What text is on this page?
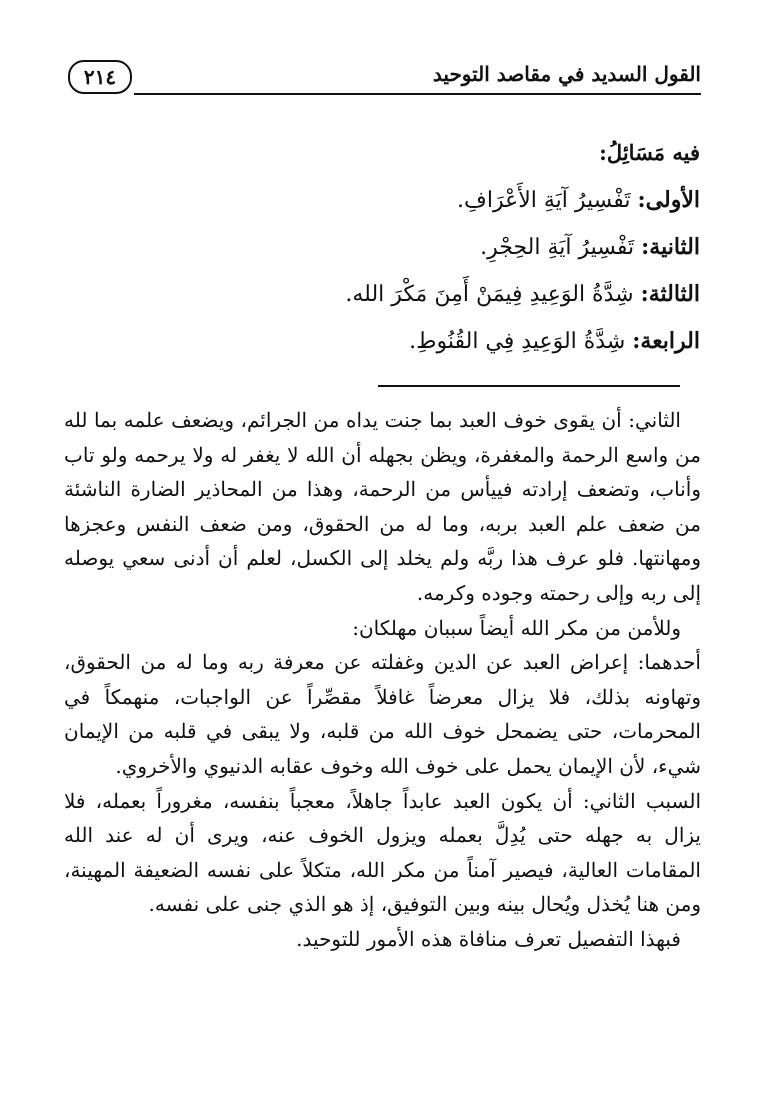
٢١٤	القول السديد في مقاصد التوحيد
فيه مَسَائِلُ:
الأولى: تَفْسِيرُ آيَةِ الأَعْرَافِ.
الثانية: تَفْسِيرُ آيَةِ الحِجْرِ.
الثالثة: شِدَّةُ الوَعِيدِ فِيمَنْ أَمِنَ مَكْرَ الله.
الرابعة: شِدَّةُ الوَعِيدِ فِي القُنُوطِ.

الثاني: أن يقوى خوف العبد بما جنت يداه من الجرائم، ويضعف علمه بما لله من واسع الرحمة والمغفرة، ويظن بجهله أن الله لا يغفر له ولا يرحمه ولو تاب وأناب، وتضعف إرادته فييأس من الرحمة، وهذا من المحاذير الضارة الناشئة من ضعف علم العبد بربه، وما له من الحقوق، ومن ضعف النفس وعجزها ومهانتها. فلو عرف هذا ربَّه ولم يخلد إلى الكسل، لعلم أن أدنى سعي يوصله إلى ربه وإلى رحمته وجوده وكرمه.

وللأمن من مكر الله أيضاً سببان مهلكان:

أحدهما: إعراض العبد عن الدين وغفلته عن معرفة ربه وما له من الحقوق، وتهاونه بذلك، فلا يزال معرضاً غافلاً مقصِّراً عن الواجبات، منهمكاً في المحرمات، حتى يضمحل خوف الله من قلبه، ولا يبقى في قلبه من الإيمان شيء، لأن الإيمان يحمل على خوف الله وخوف عقابه الدنيوي والأخروي.

السبب الثاني: أن يكون العبد عابداً جاهلاً، معجباً بنفسه، مغروراً بعمله، فلا يزال به جهله حتى يُدِلَّ بعمله ويزول الخوف عنه، ويرى أن له عند الله المقامات العالية، فيصير آمناً من مكر الله، متكلاً على نفسه الضعيفة المهينة، ومن هنا يُخذل ويُحال بينه وبين التوفيق، إذ هو الذي جنى على نفسه.

فبهذا التفصيل تعرف منافاة هذه الأمور للتوحيد.
